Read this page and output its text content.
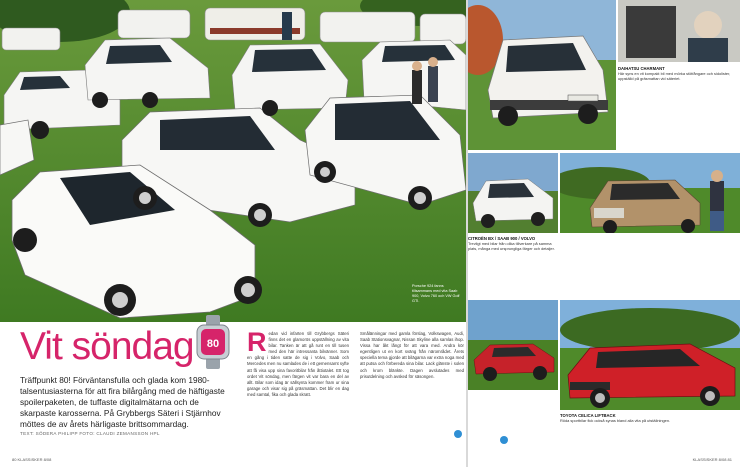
Porsche 924 fanns tillsammans med vita Saab 900, Volvo 760 och VW Golf GTI.
Vit söndag 80
Träffpunkt 80! Förväntansfulla och glada kom 1980-talsentusiasterna för att fira bilårgång med de häftigaste spoilerpaketen, de tuffaste digitalmätarna och de skarpaste karosserna. På Grybbergs Säteri i Stjärnhov möttes de av årets härligaste brittsommardag.
TEXT: SÖDERA PHILIPP FOTO: CLAUDI ZEMANSSON HPL
Redan vid infarten till Grybbergs Säteri finns det en glamorös uppställning av vita bilar. Tanken är att gå runt en till tusen med den här intressanta bilvänner. Som en gång i tiden satte de sig i Volvo, Saab och Mercedes men nu samlades de i ett gemensamt syfte att få visa upp sina favoritbilar från åttiotalet. Ett tog ordet Vit söndag, men färgen vit var bara en del av allt. Bilar som idag är sällsynta kommer fram ur sina garage och visar sig på gräsmattan. Det blir en dag med samtal, fika och glada skratt.
Smålänningar med gamla förslag, Volkswagen, Audi, Saab Stationsvagnar, Nissan Skyline alla samlas ihop. Vissa har åkt långt för att vara med. Andra kör egentligen ut en kort sväng från närområdet. Årets speciella tema gjorde att bilägarna var extra noga med att putsa och förbereda sina bilar. Lack glänste i solen och krom blänkte. Dagen avslutades med prisutdelning och avsked för säsongen.
80 KLASSISKER 8/08
DAIHATSU CHARMANT
Här syns en vit kompakt bil med mörka stötfångare och sidolister, uppställd på gräsmattan vid säteriet.
CITROËN BX / SAAB 900 / VOLVO
Trevligt med bilar från olika tillverkare på samma plats, många med ursprungliga färger och detaljer.
TOYOTA CELICA LIFTBACK
Röda sportbilar fick också synas bland alla vita på utställningen.
KLASSISKER 8/08 81
